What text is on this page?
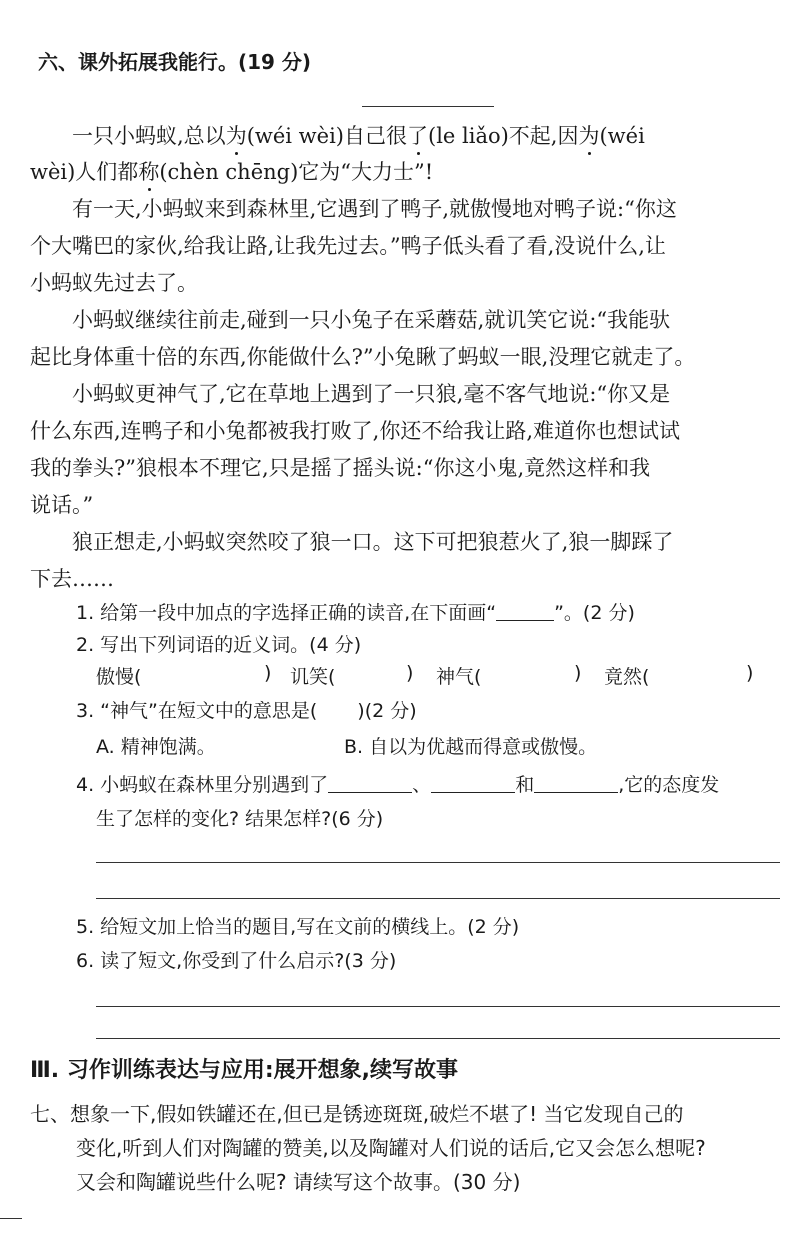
六、课外拓展我能行。(19 分)
一只小蚂蚁,总以为(wéi wèi)自己很了(le liǎo)不起,因为(wéi
wèi)人们都称(chèn chēng)它为“大力士”!
有一天,小蚂蚁来到森林里,它遇到了鸭子,就傲慢地对鸭子说:“你这
个大嘴巴的家伙,给我让路,让我先过去。”鸭子低头看了看,没说什么,让
小蚂蚁先过去了。
小蚂蚁继续往前走,碰到一只小兔子在采蘑菇,就讥笑它说:“我能驮
起比身体重十倍的东西,你能做什么?”小兔瞅了蚂蚁一眼,没理它就走了。
小蚂蚁更神气了,它在草地上遇到了一只狼,毫不客气地说:“你又是
什么东西,连鸭子和小兔都被我打败了,你还不给我让路,难道你也想试试
我的拳头?”狼根本不理它,只是摇了摇头说:“你这小鬼,竟然这样和我
说话。”
狼正想走,小蚂蚁突然咬了狼一口。这下可把狼惹火了,狼一脚踩了
下去……
1. 给第一段中加点的字选择正确的读音,在下面画“	”。(2 分)
2. 写出下列词语的近义词。(4 分)
傲慢(	) 讥笑(	) 神气(	) 竟然(	)
3. “神气”在短文中的意思是( )(2 分)
A. 精神饱满。	B. 自以为优越而得意或傲慢。
4. 小蚂蚁在森林里分别遇到了	、	和	,它的态度发
生了怎样的变化? 结果怎样?(6 分)
5. 给短文加上恰当的题目,写在文前的横线上。(2 分)
6. 读了短文,你受到了什么启示?(3 分)
Ⅲ. 习作训练表达与应用:展开想象,续写故事
七、想象一下,假如铁罐还在,但已是锈迹斑斑,破烂不堪了! 当它发现自己的
变化,听到人们对陶罐的赞美,以及陶罐对人们说的话后,它又会怎么想呢?
又会和陶罐说些什么呢? 请续写这个故事。(30 分)
